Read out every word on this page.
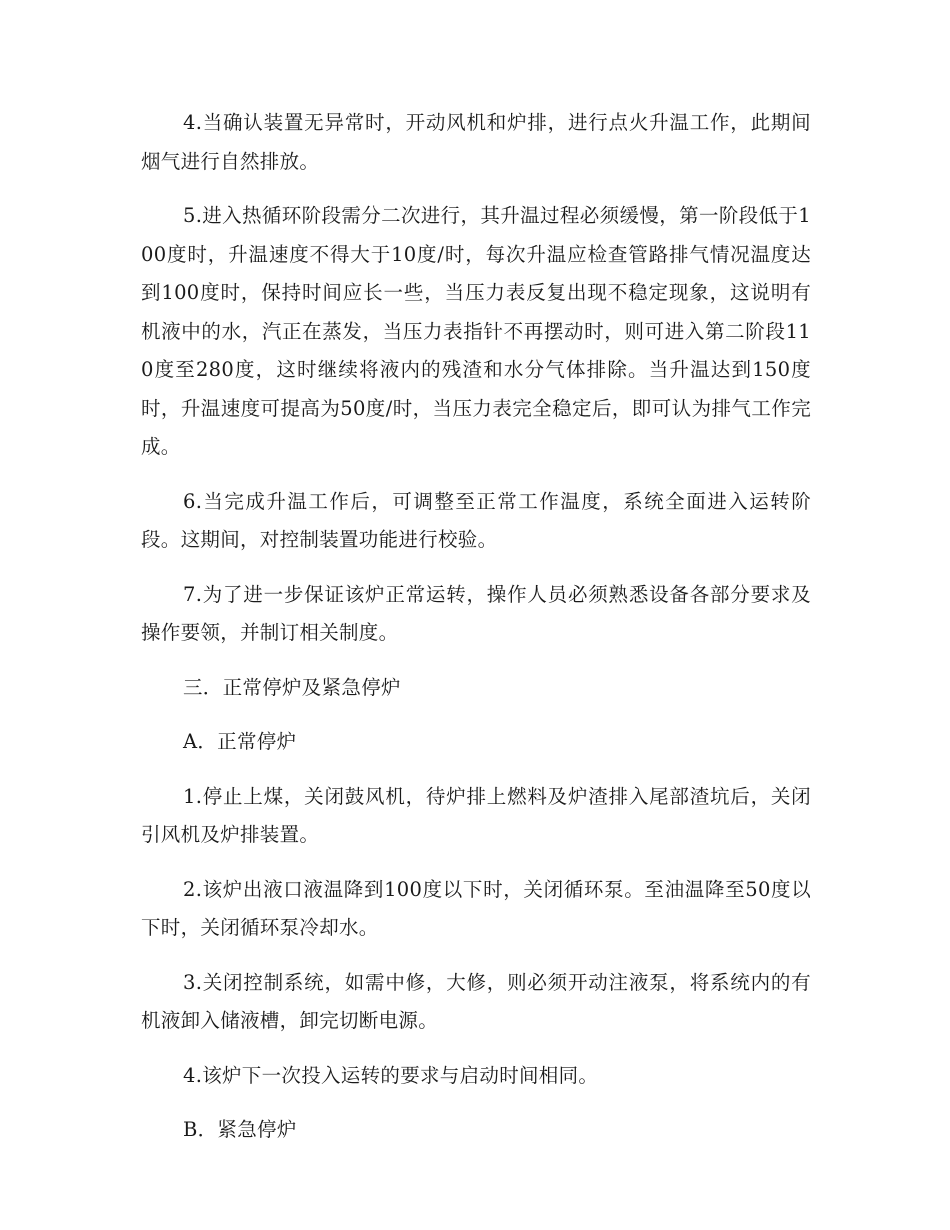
4.当确认装置无异常时，开动风机和炉排，进行点火升温工作，此期间烟气进行自然排放。

5.进入热循环阶段需分二次进行，其升温过程必须缓慢，第一阶段低于100度时，升温速度不得大于10度/时，每次升温应检查管路排气情况温度达到100度时，保持时间应长一些，当压力表反复出现不稳定现象，这说明有机液中的水，汽正在蒸发，当压力表指针不再摆动时，则可进入第二阶段110度至280度，这时继续将液内的残渣和水分气体排除。当升温达到150度时，升温速度可提高为50度/时，当压力表完全稳定后，即可认为排气工作完成。

6.当完成升温工作后，可调整至正常工作温度，系统全面进入运转阶段。这期间，对控制装置功能进行校验。

7.为了进一步保证该炉正常运转，操作人员必须熟悉设备各部分要求及操作要领，并制订相关制度。

三．正常停炉及紧急停炉

A．正常停炉

1.停止上煤，关闭鼓风机，待炉排上燃料及炉渣排入尾部渣坑后，关闭引风机及炉排装置。

2.该炉出液口液温降到100度以下时，关闭循环泵。至油温降至50度以下时，关闭循环泵冷却水。

3.关闭控制系统，如需中修，大修，则必须开动注液泵，将系统内的有机液卸入储液槽，卸完切断电源。

4.该炉下一次投入运转的要求与启动时间相同。

B．紧急停炉
